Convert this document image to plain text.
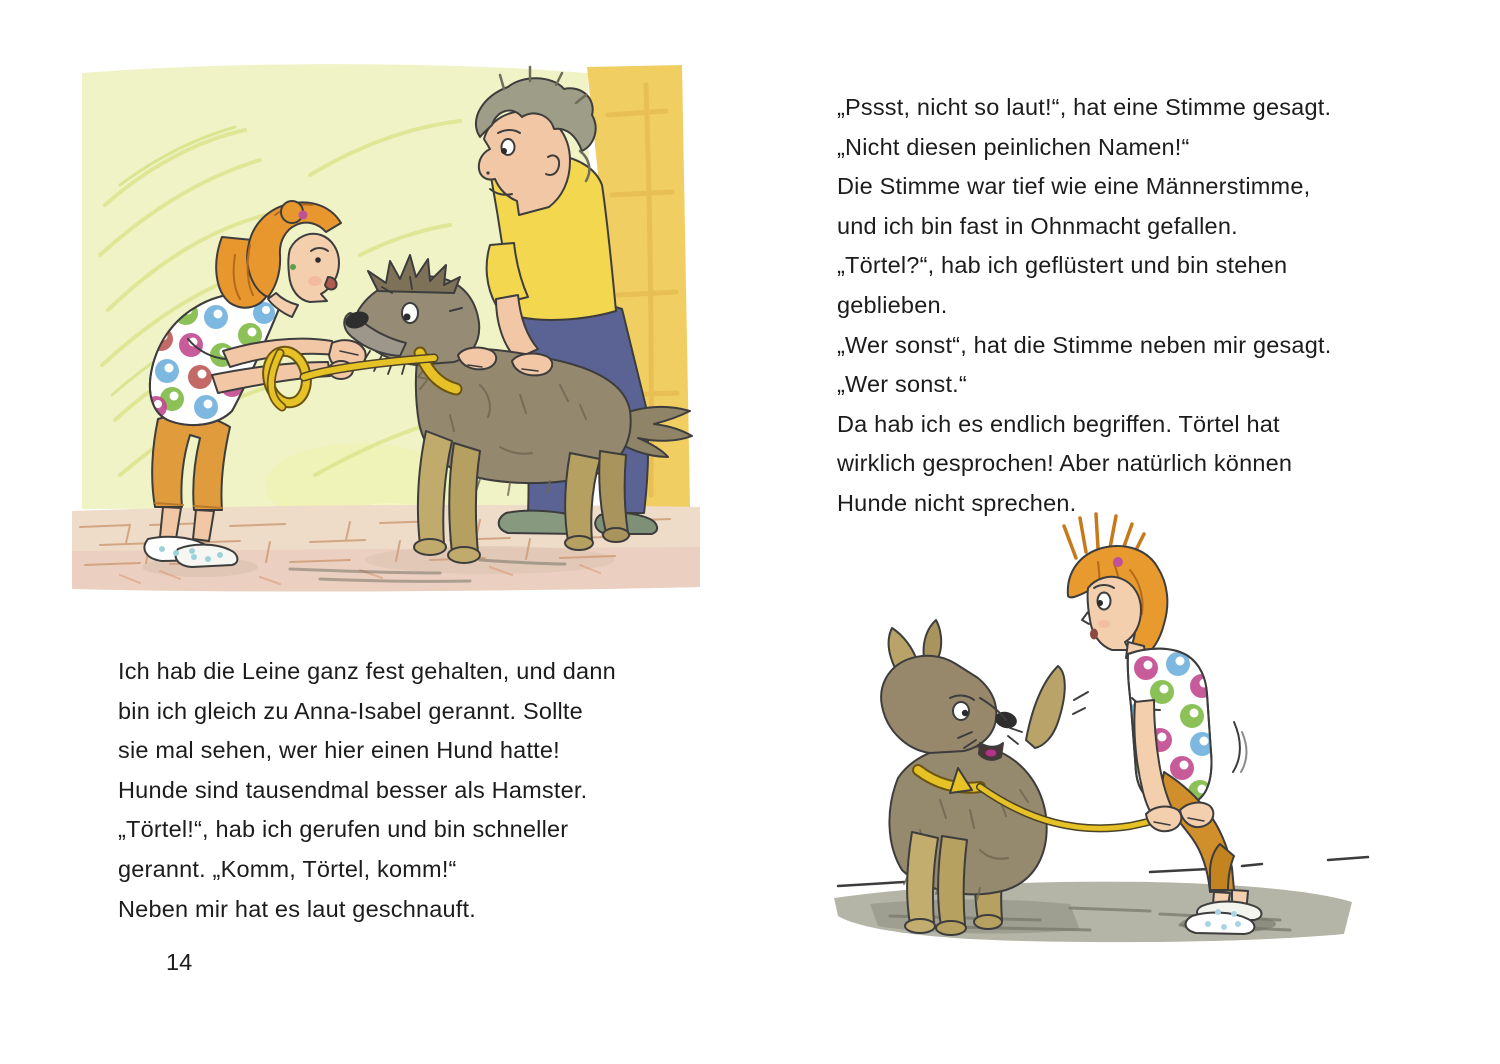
Ich hab die Leine ganz fest gehalten, und dann
bin ich gleich zu Anna-Isabel gerannt. Sollte
sie mal sehen, wer hier einen Hund hatte!
Hunde sind tausendmal besser als Hamster.
„Törtel!“, hab ich gerufen und bin schneller
gerannt. „Komm, Törtel, komm!“
Neben mir hat es laut geschnauft.
„Pssst, nicht so laut!“, hat eine Stimme gesagt.
„Nicht diesen peinlichen Namen!“
Die Stimme war tief wie eine Männerstimme,
und ich bin fast in Ohnmacht gefallen.
„Törtel?“, hab ich geflüstert und bin stehen
geblieben.
„Wer sonst“, hat die Stimme neben mir gesagt.
„Wer sonst.“
Da hab ich es endlich begriffen. Törtel hat
wirklich gesprochen! Aber natürlich können
Hunde nicht sprechen.
14
